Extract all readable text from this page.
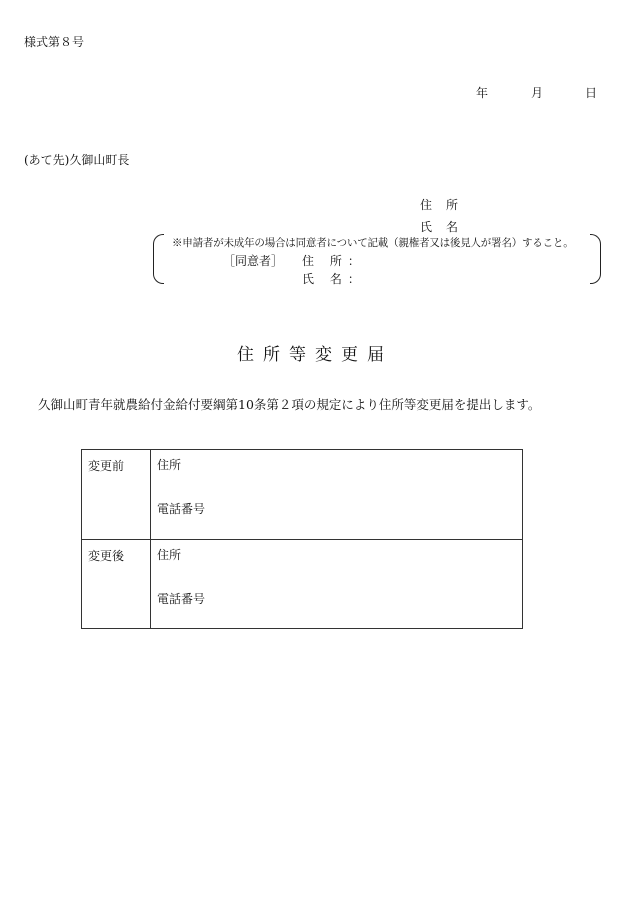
様式第８号
年	月	日
(あて先)久御山町長
住所
氏名
※申請者が未成年の場合は同意者について記載（親権者又は後見人が署名）すること。
［同意者］ 住 所：
氏 名：
住所等変更届
久御山町青年就農給付金給付要綱第10条第２項の規定により住所等変更届を提出します。
変更前	住所
電話番号

変更後	住所
電話番号
